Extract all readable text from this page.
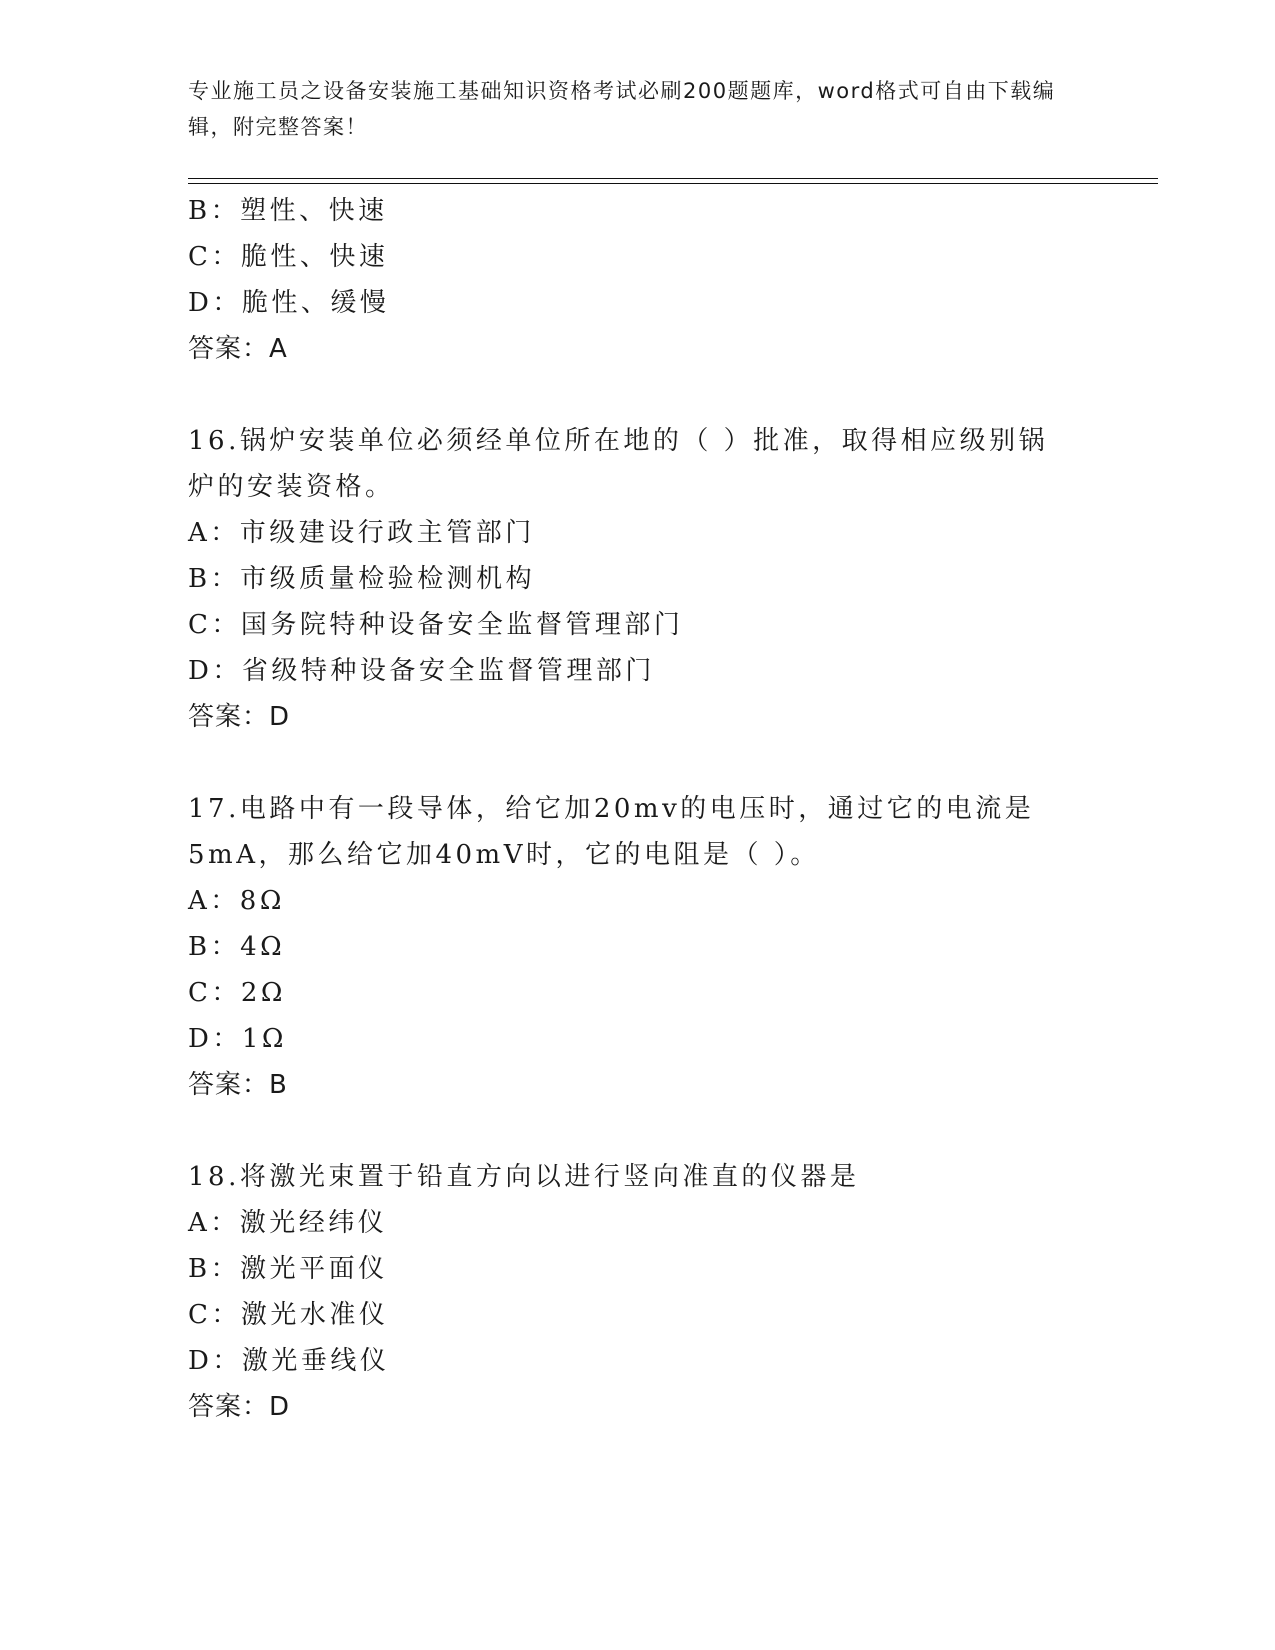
专业施工员之设备安装施工基础知识资格考试必刷200题题库，word格式可自由下载编辑，附完整答案！
B：塑性、快速
C：脆性、快速
D：脆性、缓慢
答案：A
16.锅炉安装单位必须经单位所在地的（ ）批准，取得相应级别锅炉的安装资格。
A：市级建设行政主管部门
B：市级质量检验检测机构
C：国务院特种设备安全监督管理部门
D：省级特种设备安全监督管理部门
答案：D
17.电路中有一段导体，给它加20mv的电压时，通过它的电流是5mA，那么给它加40mV时，它的电阻是（ ）。
A：8Ω
B：4Ω
C：2Ω
D：1Ω
答案：B
18.将激光束置于铅直方向以进行竖向准直的仪器是
A：激光经纬仪
B：激光平面仪
C：激光水准仪
D：激光垂线仪
答案：D
